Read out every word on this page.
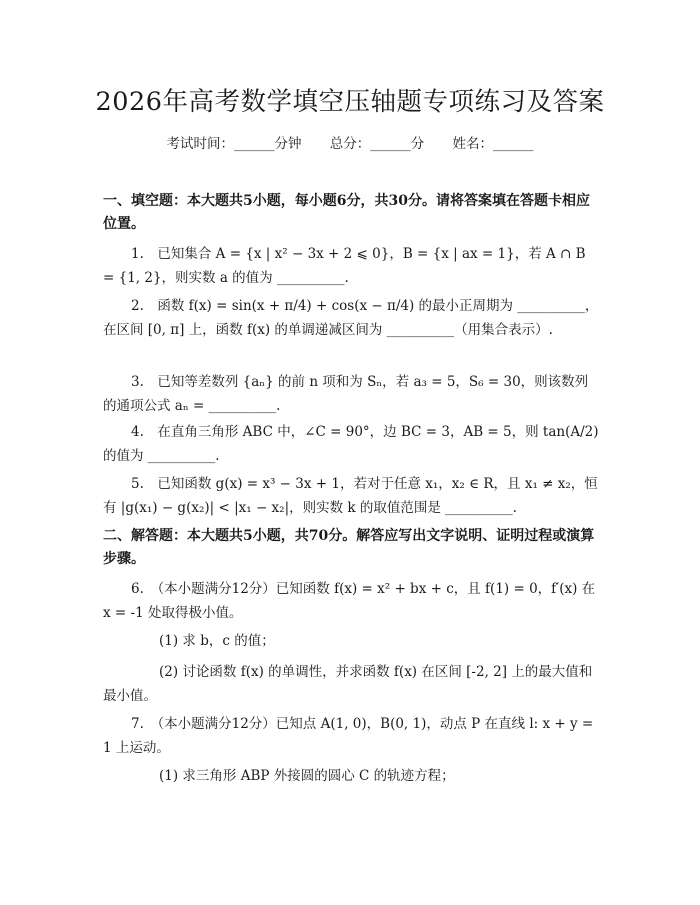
2026年高考数学填空压轴题专项练习及答案
考试时间：______分钟 总分：______分 姓名：______

一、填空题：本大题共5小题，每小题6分，共30分。请将答案填在答题卡相应位置。

1.　已知集合 A = {x | x² − 3x + 2 ⩽ 0}，B = {x | ax = 1}，若 A ∩ B = {1, 2}，则实数 a 的值为 __________.

2.　函数 f(x) = sin(x + π/4) + cos(x − π/4) 的最小正周期为 __________，在区间 [0, π] 上，函数 f(x) 的单调递减区间为 __________（用集合表示）.

3.　已知等差数列 {aₙ} 的前 n 项和为 Sₙ，若 a₃ = 5，S₆ = 30，则该数列的通项公式 aₙ = __________.

4.　在直角三角形 ABC 中，∠C = 90°，边 BC = 3，AB = 5，则 tan(A/2) 的值为 __________.

5.　已知函数 g(x) = x³ − 3x + 1，若对于任意 x₁，x₂ ∈ R，且 x₁ ≠ x₂，恒有 |g(x₁) − g(x₂)| < |x₁ − x₂|，则实数 k 的取值范围是 __________.

二、解答题：本大题共5小题，共70分。解答应写出文字说明、证明过程或演算步骤。

6.　（本小题满分12分）已知函数 f(x) = x² + bx + c，且 f(1) = 0，f′(x) 在 x = -1 处取得极小值。

(1) 求 b，c 的值；

(2) 讨论函数 f(x) 的单调性，并求函数 f(x) 在区间 [-2, 2] 上的最大值和最小值。

7.　（本小题满分12分）已知点 A(1, 0)，B(0, 1)，动点 P 在直线 l: x + y = 1 上运动。

(1) 求三角形 ABP 外接圆的圆心 C 的轨迹方程；
